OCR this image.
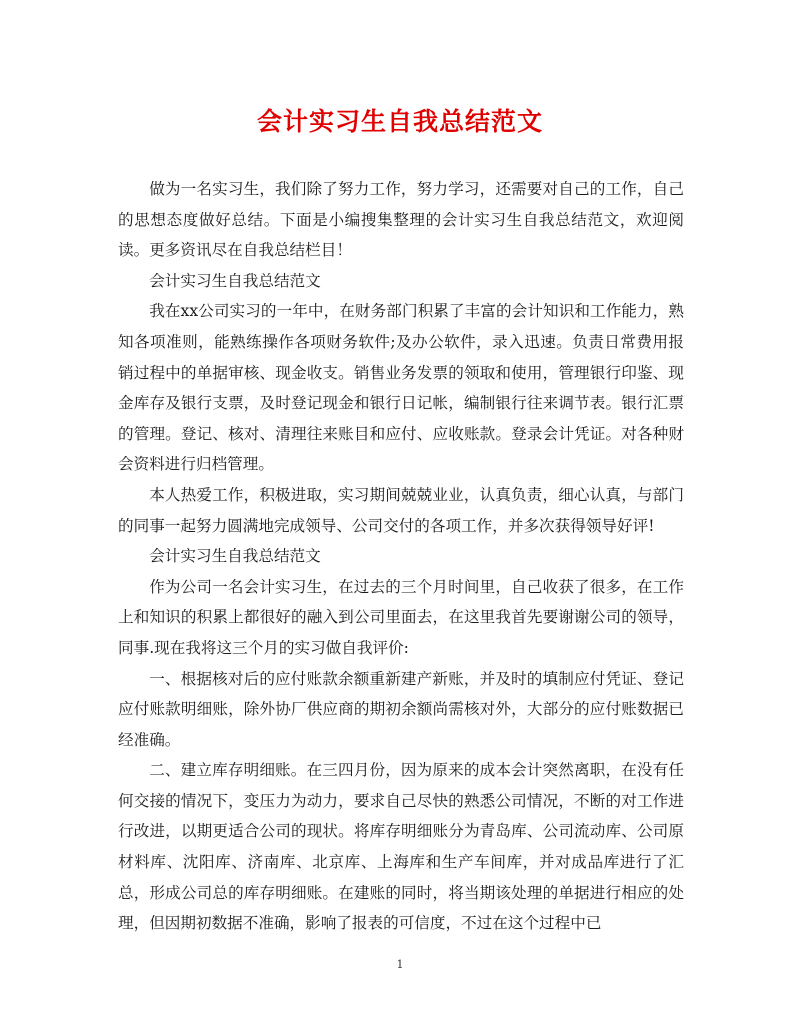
会计实习生自我总结范文

做为一名实习生，我们除了努力工作，努力学习，还需要对自己的工作，自己的思想态度做好总结。下面是小编搜集整理的会计实习生自我总结范文，欢迎阅读。更多资讯尽在自我总结栏目！

会计实习生自我总结范文

我在xx公司实习的一年中，在财务部门积累了丰富的会计知识和工作能力，熟知各项准则，能熟练操作各项财务软件;及办公软件，录入迅速。负责日常费用报销过程中的单据审核、现金收支。销售业务发票的领取和使用，管理银行印鉴、现金库存及银行支票，及时登记现金和银行日记帐，编制银行往来调节表。银行汇票的管理。登记、核对、清理往来账目和应付、应收账款。登录会计凭证。对各种财会资料进行归档管理。

本人热爱工作，积极进取，实习期间兢兢业业，认真负责，细心认真，与部门的同事一起努力圆满地完成领导、公司交付的各项工作，并多次获得领导好评!

会计实习生自我总结范文

作为公司一名会计实习生，在过去的三个月时间里，自己收获了很多，在工作上和知识的积累上都很好的融入到公司里面去，在这里我首先要谢谢公司的领导，同事.现在我将这三个月的实习做自我评价:

一、根据核对后的应付账款余额重新建产新账，并及时的填制应付凭证、登记应付账款明细账，除外协厂供应商的期初余额尚需核对外，大部分的应付账数据已经准确。

二、建立库存明细账。在三四月份，因为原来的成本会计突然离职，在没有任何交接的情况下，变压力为动力，要求自己尽快的熟悉公司情况，不断的对工作进行改进，以期更适合公司的现状。将库存明细账分为青岛库、公司流动库、公司原材料库、沈阳库、济南库、北京库、上海库和生产车间库，并对成品库进行了汇总，形成公司总的库存明细账。在建账的同时，将当期该处理的单据进行相应的处理，但因期初数据不准确，影响了报表的可信度，不过在这个过程中已

1
